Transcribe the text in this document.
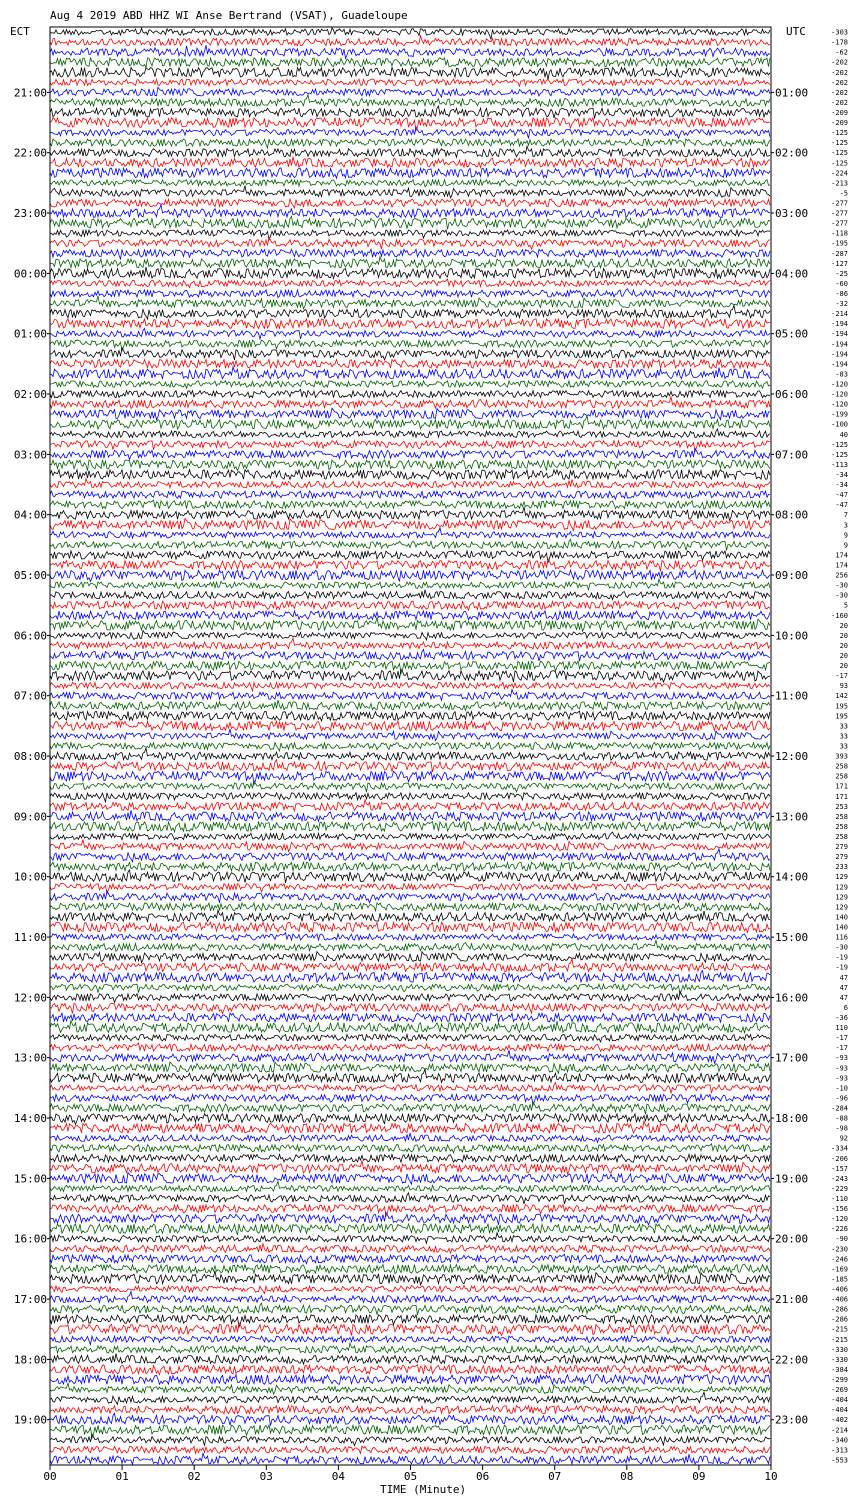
Aug 4 2019 ABD HHZ WI Anse Bertrand (VSAT), Guadeloupe
ECT	UTC
21:00
22:00
23:00
00:00
01:00
02:00
03:00
04:00
05:00
06:00
07:00
08:00
09:00
10:00
11:00
12:00
13:00
14:00
15:00
16:00
17:00
18:00
19:00
01:00
02:00
03:00
04:00
05:00
06:00
07:00
08:00
09:00
10:00
11:00
12:00
13:00
14:00
15:00
16:00
17:00
18:00
19:00
20:00
21:00
22:00
23:00
-303
-178
-62
-202
-202
-202
-202
-202
-209
-209
-125
-125
-125
-125
-224
-213
-5
-277
-277
-277
-118
-195
-287
-127
-25
-60
-86
-32
-214
-194
-194
-194
-194
-194
-83
-120
-120
-120
-199
-100
40
-125
-125
-113
-34
-34
-47
-47
7
3
9
9
174
174
256
-30
-30
5
-160
20
20
20
20
20
-17
93
142
195
195
33
33
33
393
258
258
171
171
253
258
258
258
279
279
233
129
129
129
129
140
140
116
-30
-19
-19
47
47
47
6
-36
110
-17
-17
-93
-93
-93
-10
-96
-284
-88
-98
92
-334
-206
-157
-243
-229
-110
-156
-120
-226
-90
-230
-246
-169
-185
-406
-406
-286
-286
-215
-215
-330
-330
-384
-299
-269
-404
-404
-402
-214
-340
-313
-553
00	01	02	03	04	05	06	07	08	09	10
TIME (Minute)
